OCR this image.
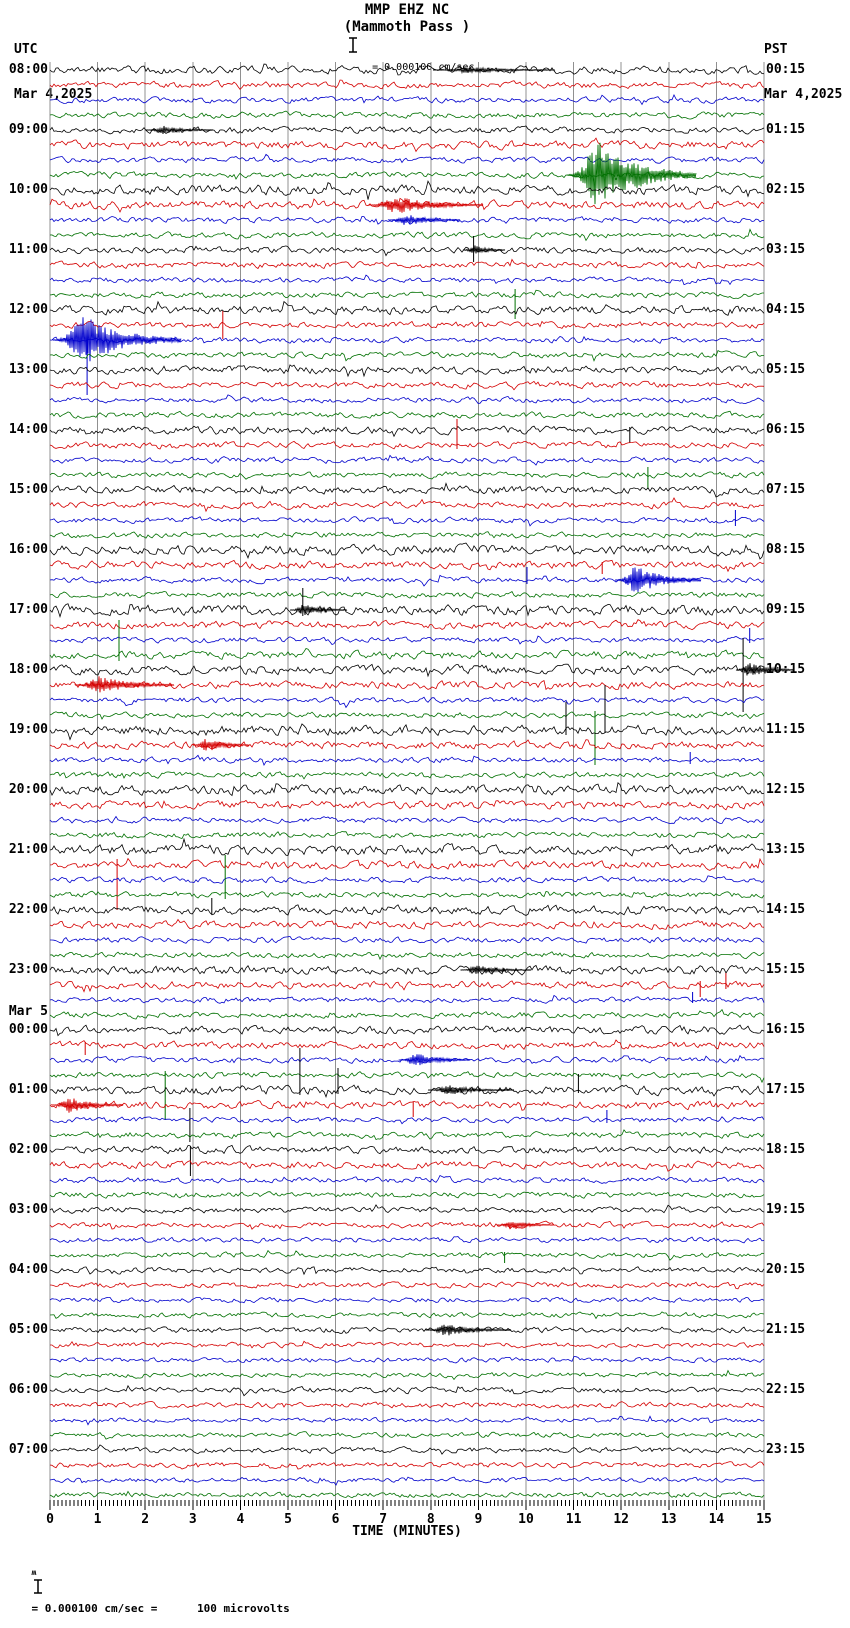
MMP EHZ NC
(Mammoth Pass )

UTC

Mar 4,2025

PST

Mar 4,2025

= 0.000100 cm/sec

08:00
09:00
10:00
11:00
12:00
13:00
14:00
15:00
16:00
17:00
18:00
19:00
20:00
21:00
22:00
23:00
00:00
01:00
02:00
03:00
04:00
05:00
06:00
07:00
00:15
01:15
02:15
03:15
04:15
05:15
06:15
07:15
08:15
09:15
10:15
11:15
12:15
13:15
14:15
15:15
16:15
17:15
18:15
19:15
20:15
21:15
22:15
23:15
Mar 5
0	1	2	3	4	5	6	7	8	9	10 11 12 13 14 15
TIME (MINUTES)

ʍ

= 0.000100 cm/sec =      100 microvolts
